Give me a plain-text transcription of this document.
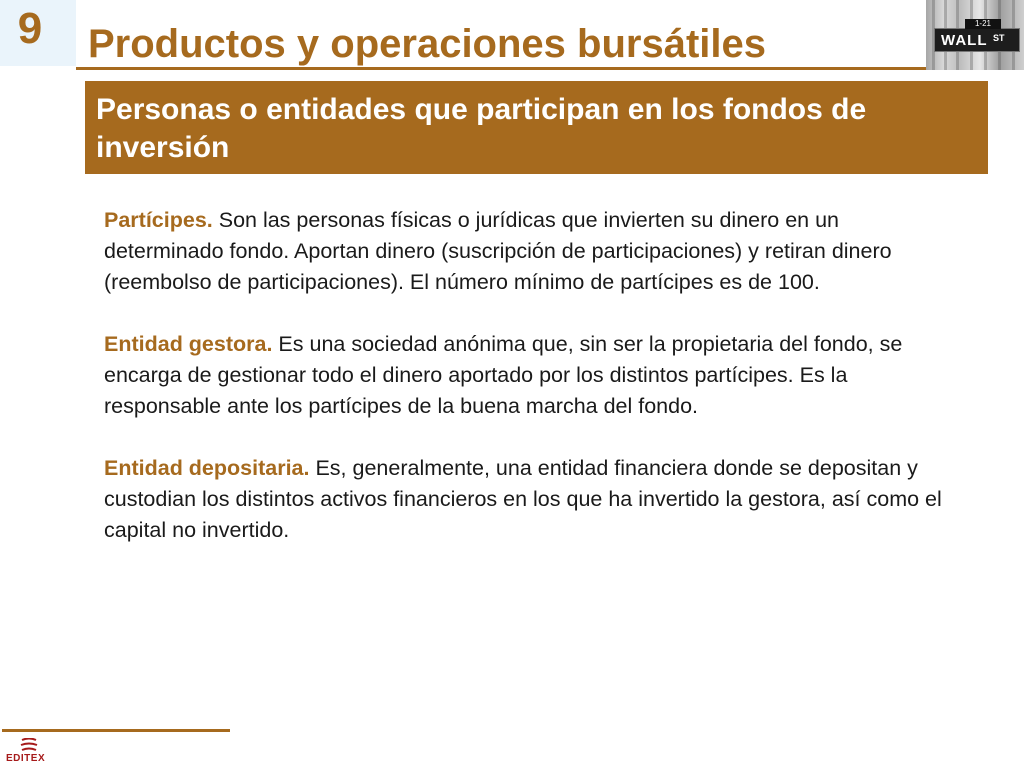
9	Productos y operaciones bursátiles	1-21
WALL ST
Personas o entidades que participan en los fondos de inversión

Partícipes. Son las personas físicas o jurídicas que invierten su dinero en un determinado fondo. Aportan dinero (suscripción de participaciones) y retiran dinero (reembolso de participaciones). El número mínimo de partícipes es de 100.

Entidad gestora. Es una sociedad anónima que, sin ser la propietaria del fondo, se encarga de gestionar todo el dinero aportado por los distintos partícipes. Es la responsable ante los partícipes de la buena marcha del fondo.

Entidad depositaria. Es, generalmente, una entidad financiera donde se depositan y custodian los distintos activos financieros en los que ha invertido la gestora, así como el capital no invertido.

EDITEX
